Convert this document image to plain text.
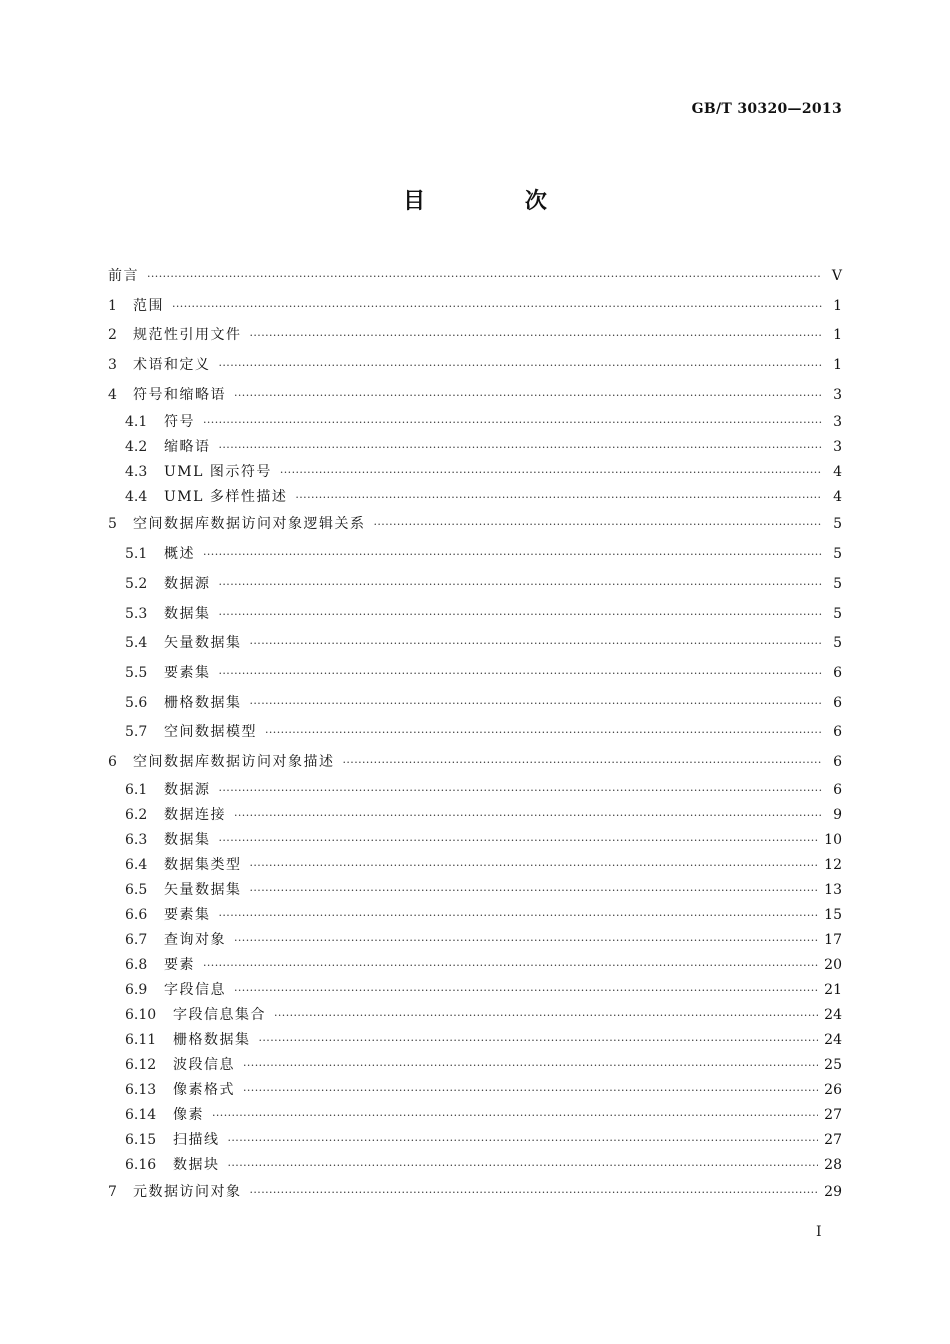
GB/T 30320—2013
目 次
前言 ·····	Ⅴ
1	范围 ·····	1
2	规范性引用文件 ·····	1
3	术语和定义 ·····	1
4	符号和缩略语 ·····	3
4.1	符号 ·····	3
4.2	缩略语 ·····	3
4.3	UML 图示符号 ·····	4
4.4	UML 多样性描述 ·····	4
5	空间数据库数据访问对象逻辑关系 ·····	5
5.1	概述 ·····	5
5.2	数据源 ·····	5
5.3	数据集 ·····	5
5.4	矢量数据集 ·····	5
5.5	要素集 ·····	6
5.6	栅格数据集 ·····	6
5.7	空间数据模型 ·····	6
6	空间数据库数据访问对象描述 ·····	6
6.1	数据源 ·····	6
6.2	数据连接 ·····	9
6.3	数据集 ·····	10
6.4	数据集类型 ·····	12
6.5	矢量数据集 ·····	13
6.6	要素集 ·····	15
6.7	查询对象 ·····	17
6.8	要素 ·····	20
6.9	字段信息 ·····	21
6.10	字段信息集合 ·····	24
6.11	栅格数据集 ·····	24
6.12	波段信息 ·····	25
6.13	像素格式 ·····	26
6.14	像素 ·····	27
6.15	扫描线 ·····	27
6.16	数据块 ·····	28
7	元数据访问对象 ·····	29
I
